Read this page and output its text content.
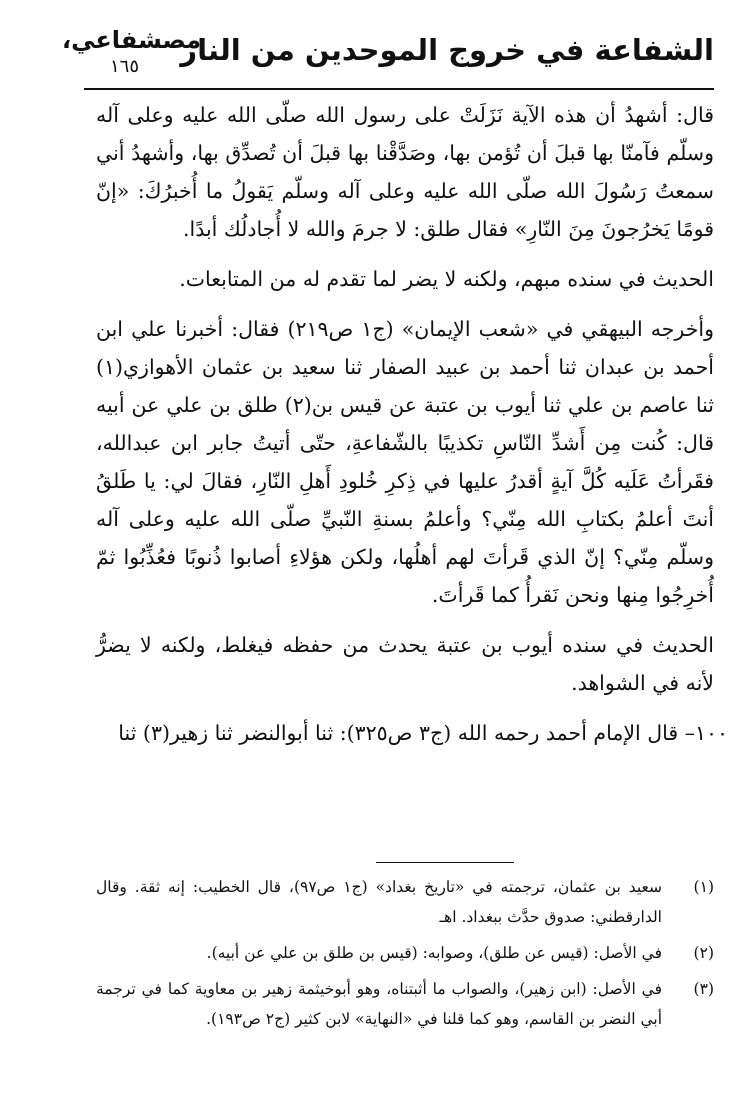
الشفاعة في خروج الموحدين من النار
مصشفاعي،
١٦٥

قال: أشهدُ أن هذه الآية نَزَلَتْ على رسول الله صلّى الله عليه وعلى آله وسلّم فآمنّا بها قبلَ أن تُؤمن بها، وصَدَّقْنا بها قبلَ أن تُصدِّق بها، وأشهدُ أني سمعتُ رَسُولَ الله صلّى الله عليه وعلى آله وسلّم يَقولُ ما أُخبرُكَ: «إنّ قومًا يَخرُجونَ مِنَ النّارِ» فقال طلق: لا جرمَ والله لا أُجادلُك أبدًا.

الحديث في سنده مبهم، ولكنه لا يضر لما تقدم له من المتابعات.

وأخرجه البيهقي في «شعب الإيمان» (ج١ ص٢١٩) فقال: أخبرنا علي ابن أحمد بن عبدان ثنا أحمد بن عبيد الصفار ثنا سعيد بن عثمان الأهوازي(١) ثنا عاصم بن علي ثنا أيوب بن عتبة عن قيس بن(٢) طلق بن علي عن أبيه قال: كُنت مِن أَشدِّ النّاسِ تكذيبًا بالشّفاعةِ، حتّى أتيتُ جابر ابن عبدالله، فقَرأتُ عَلَيه كُلَّ آيةٍ أقدرُ عليها في ذِكرِ خُلودِ أَهلِ النّارِ، فقالَ لي: يا طَلقُ أنتَ أعلمُ بكتابِ الله مِنّي؟ وأعلمُ بسنةِ النّبيِّ صلّى الله عليه وعلى آله وسلّم مِنّي؟ إنّ الذي قَرأتَ لهم أهلُها، ولكن هؤلاءِ أصابوا ذُنوبًا فعُذِّبُوا ثمّ أُخرِجُوا مِنها ونحن نَقرأُ كما قَرأتَ.

الحديث في سنده أيوب بن عتبة يحدث من حفظه فيغلط، ولكنه لا يضرُّ لأنه في الشواهد.

١٠٠– قال الإمام أحمد رحمه الله (ج٣ ص٣٢٥): ثنا أبوالنضر ثنا زهير(٣) ثنا

(١)
سعيد بن عثمان، ترجمته في «تاريخ بغداد» (ج١ ص٩٧)، قال الخطيب: إنه ثقة. وقال الدارقطني: صدوق حدَّث ببغداد. اهـ

(٢)
في الأصل: (قيس عن طلق)، وصوابه: (قيس بن طلق بن علي عن أبيه).

(٣)
في الأصل: (ابن زهير)، والصواب ما أثبتناه، وهو أبوخيثمة زهير بن معاوية كما في ترجمة أبي النضر بن القاسم، وهو كما قلنا في «النهاية» لابن كثير (ج٢ ص١٩٣).
